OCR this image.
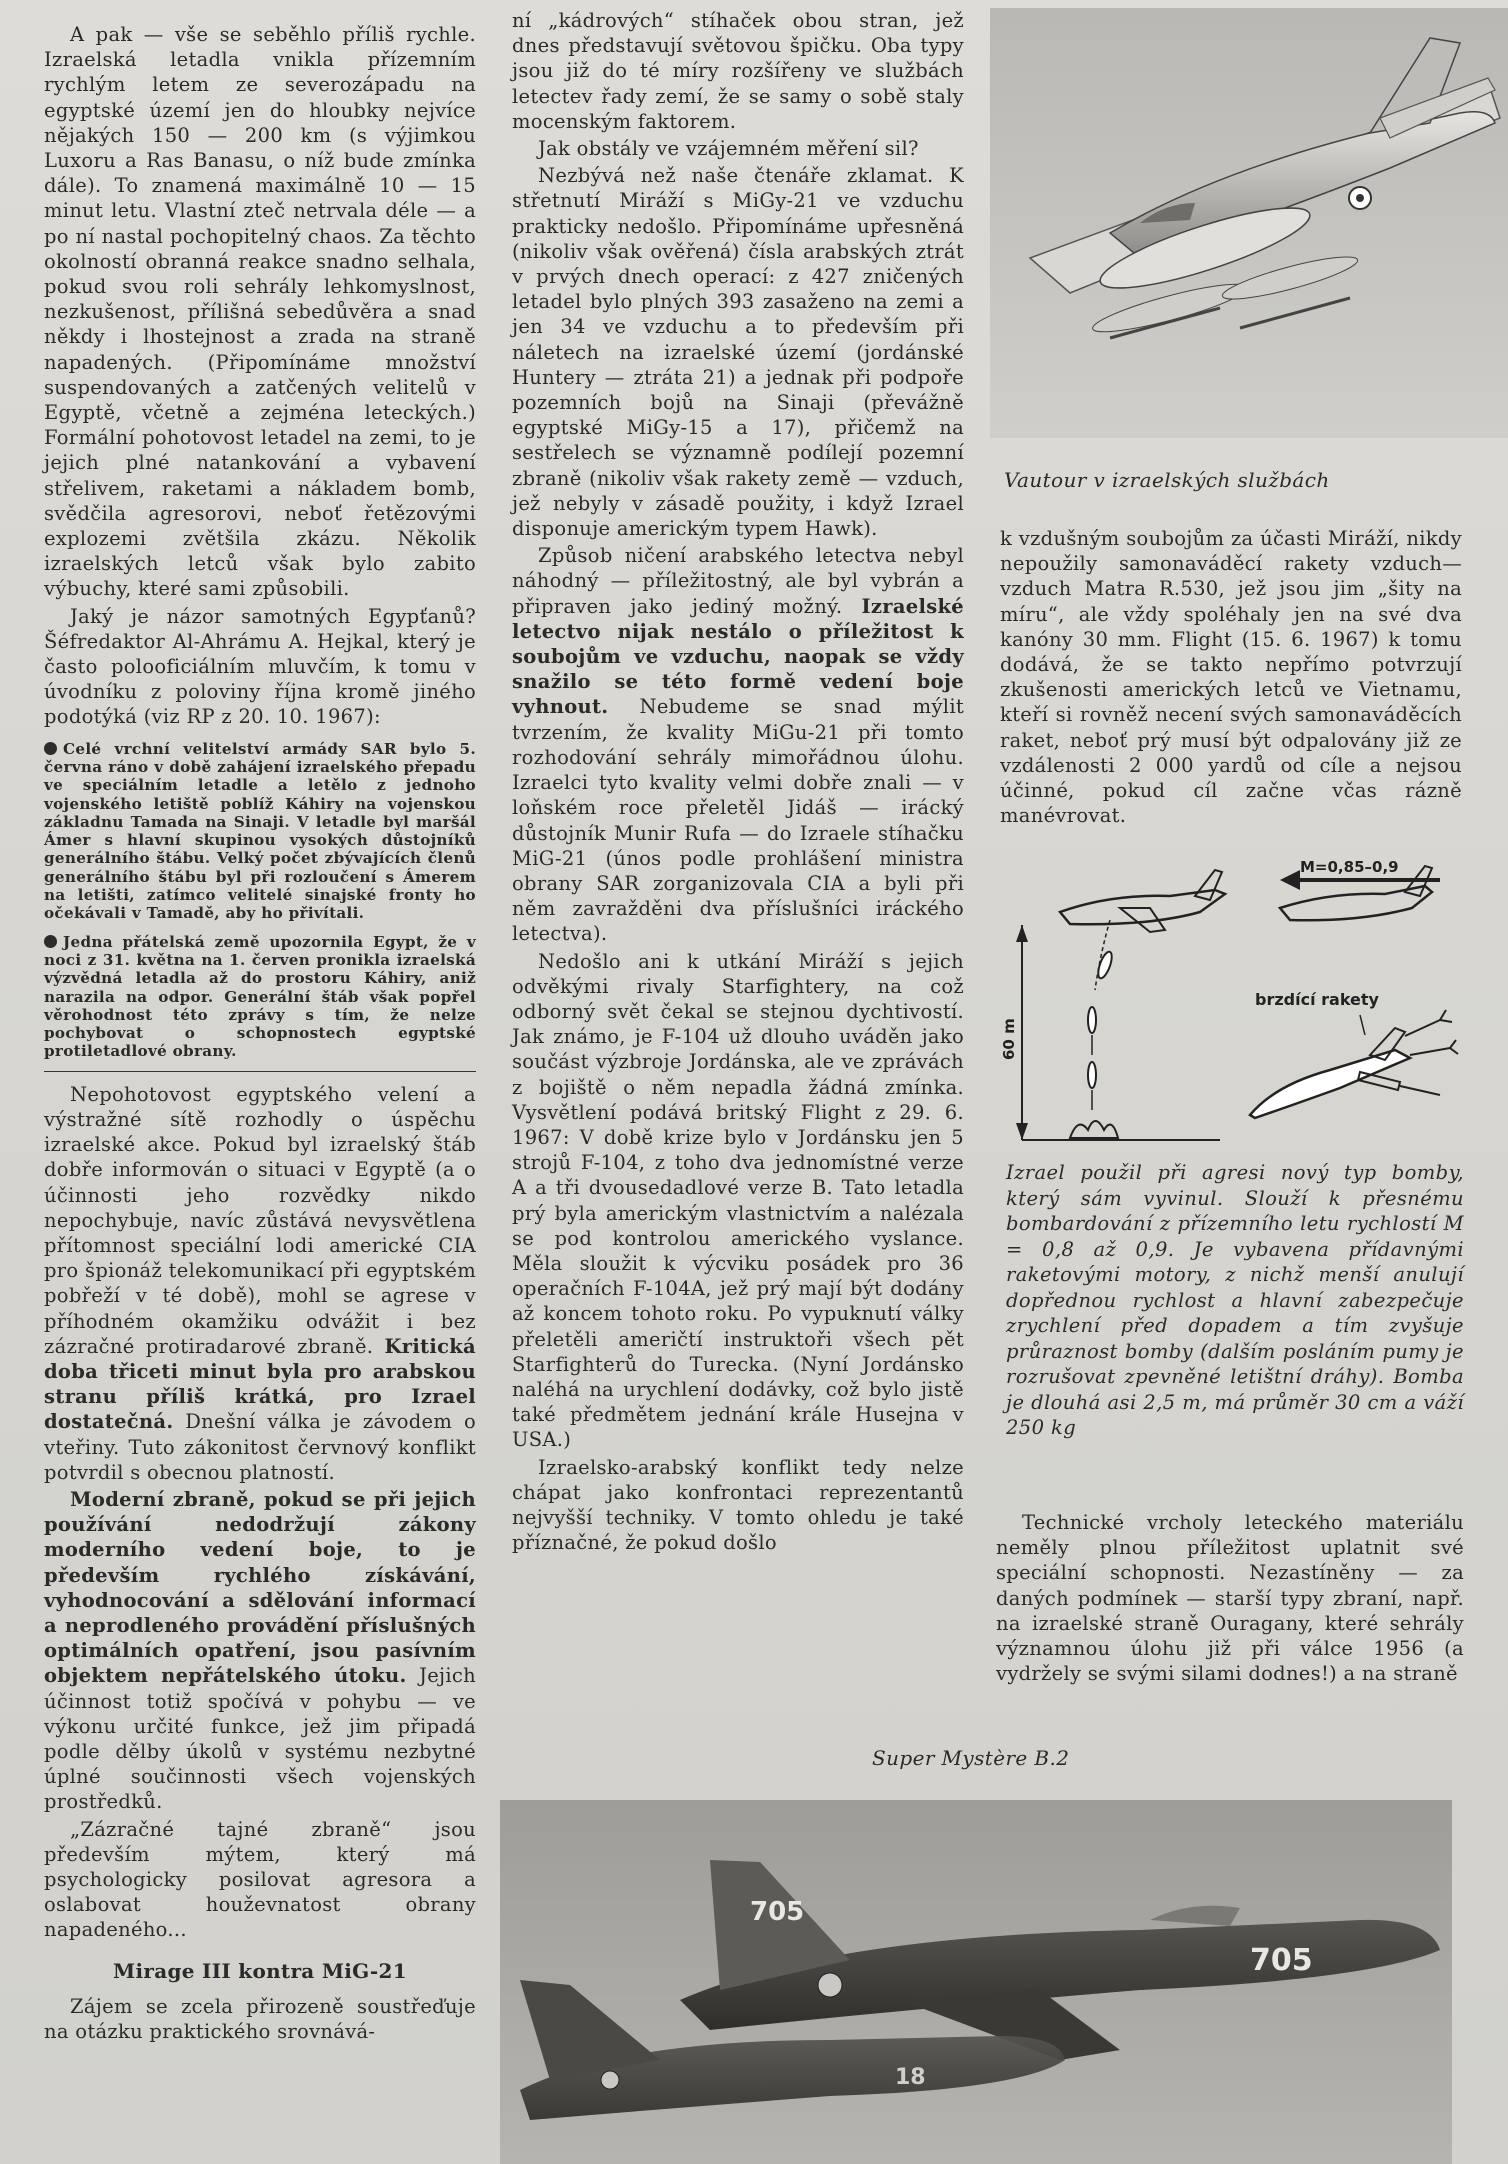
A pak — vše se seběhlo příliš rychle. Izraelská letadla vnikla přízemním rychlým letem ze severozápadu na egyptské území jen do hloubky nejvíce nějakých 150 — 200 km (s výjimkou Luxoru a Ras Banasu, o níž bude zmínka dále). To znamená maximálně 10 — 15 minut letu. Vlastní zteč netrvala déle — a po ní nastal pochopitelný chaos. Za těchto okolností obranná reakce snadno selhala, pokud svou roli sehrály lehkomyslnost, nezkušenost, přílišná sebedůvěra a snad někdy i lhostejnost a zrada na straně napadených. (Připomínáme množství suspendovaných a zatčených velitelů v Egyptě, včetně a zejména leteckých.) Formální pohotovost letadel na zemi, to je jejich plné natankování a vybavení střelivem, raketami a nákladem bomb, svědčila agresorovi, neboť řetězovými explozemi zvětšila zkázu. Několik izraelských letců však bylo zabito výbuchy, které sami způsobili.

Jaký je názor samotných Egypťanů? Šéfredaktor Al-Ahrámu A. Hejkal, který je často polooficiálním mluvčím, k tomu v úvodníku z poloviny října kromě jiného podotýká (viz RP z 20. 10. 1967):

Celé vrchní velitelství armády SAR bylo 5. června ráno v době zahájení izraelského přepadu ve speciálním letadle a letělo z jednoho vojenského letiště poblíž Káhiry na vojenskou základnu Tamada na Sinaji. V letadle byl maršál Ámer s hlavní skupinou vysokých důstojníků generálního štábu. Velký počet zbývajících členů generálního štábu byl při rozloučení s Ámerem na letišti, zatímco velitelé sinajské fronty ho očekávali v Tamadě, aby ho přivítali.
Jedna přátelská země upozornila Egypt, že v noci z 31. května na 1. červen pronikla izraelská výzvědná letadla až do prostoru Káhiry, aniž narazila na odpor. Generální štáb však popřel věrohodnost této zprávy s tím, že nelze pochybovat o schopnostech egyptské protiletadlové obrany.

Nepohotovost egyptského velení a výstražné sítě rozhodly o úspěchu izraelské akce. Pokud byl izraelský štáb dobře informován o situaci v Egyptě (a o účinnosti jeho rozvědky nikdo nepochybuje, navíc zůstává nevysvětlena přítomnost speciální lodi americké CIA pro špionáž telekomunikací při egyptském pobřeží v té době), mohl se agrese v příhodném okamžiku odvážit i bez zázračné protiradarové zbraně. Kritická doba třiceti minut byla pro arabskou stranu příliš krátká, pro Izrael dostatečná. Dnešní válka je závodem o vteřiny. Tuto zákonitost červnový konflikt potvrdil s obecnou platností.

Moderní zbraně, pokud se při jejich používání nedodržují zákony moderního vedení boje, to je především rychlého získávání, vyhodnocování a sdělování informací a neprodleného provádění příslušných optimálních opatření, jsou pasívním objektem nepřátelského útoku. Jejich účinnost totiž spočívá v pohybu — ve výkonu určité funkce, jež jim připadá podle dělby úkolů v systému nezbytné úplné součinnosti všech vojenských prostředků.

„Zázračné tajné zbraně“ jsou především mýtem, který má psychologicky posilovat agresora a oslabovat houževnatost obrany napadeného...

Mirage III kontra MiG-21

Zájem se zcela přirozeně soustřeďuje na otázku praktického srovnává-

ní „kádrových“ stíhaček obou stran, jež dnes představují světovou špičku. Oba typy jsou již do té míry rozšířeny ve službách letectev řady zemí, že se samy o sobě staly mocenským faktorem.

Jak obstály ve vzájemném měření sil?

Nezbývá než naše čtenáře zklamat. K střetnutí Miráží s MiGy-21 ve vzduchu prakticky nedošlo. Připomínáme upřesněná (nikoliv však ověřená) čísla arabských ztrát v prvých dnech operací: z 427 zničených letadel bylo plných 393 zasaženo na zemi a jen 34 ve vzduchu a to především při náletech na izraelské území (jordánské Huntery — ztráta 21) a jednak při podpoře pozemních bojů na Sinaji (převážně egyptské MiGy-15 a 17), přičemž na sestřelech se významně podílejí pozemní zbraně (nikoliv však rakety země — vzduch, jež nebyly v zásadě použity, i když Izrael disponuje americkým typem Hawk).

Způsob ničení arabského letectva nebyl náhodný — příležitostný, ale byl vybrán a připraven jako jediný možný. Izraelské letectvo nijak nestálo o příležitost k soubojům ve vzduchu, naopak se vždy snažilo se této formě vedení boje vyhnout. Nebudeme se snad mýlit tvrzením, že kvality MiGu-21 při tomto rozhodování sehrály mimořádnou úlohu. Izraelci tyto kvality velmi dobře znali — v loňském roce přeletěl Jidáš — irácký důstojník Munir Rufa — do Izraele stíhačku MiG-21 (únos podle prohlášení ministra obrany SAR zorganizovala CIA a byli při něm zavražděni dva příslušníci iráckého letectva).

Nedošlo ani k utkání Miráží s jejich odvěkými rivaly Starfightery, na což odborný svět čekal se stejnou dychtivostí. Jak známo, je F-104 už dlouho uváděn jako součást výzbroje Jordánska, ale ve zprávách z bojiště o něm nepadla žádná zmínka. Vysvětlení podává britský Flight z 29. 6. 1967: V době krize bylo v Jordánsku jen 5 strojů F-104, z toho dva jednomístné verze A a tři dvousedadlové verze B. Tato letadla prý byla americkým vlastnictvím a nalézala se pod kontrolou amerického vyslance. Měla sloužit k výcviku posádek pro 36 operačních F-104A, jež prý mají být dodány až koncem tohoto roku. Po vypuknutí války přeletěli američtí instruktoři všech pět Starfighterů do Turecka. (Nyní Jordánsko naléhá na urychlení dodávky, což bylo jistě také předmětem jednání krále Husejna v USA.)

Izraelsko-arabský konflikt tedy nelze chápat jako konfrontaci reprezentantů nejvyšší techniky. V tomto ohledu je také příznačné, že pokud došlo

Vautour v izraelských službách

k vzdušným soubojům za účasti Miráží, nikdy nepoužily samonaváděcí rakety vzduch—vzduch Matra R.530, jež jsou jim „šity na míru“, ale vždy spoléhaly jen na své dva kanóny 30 mm. Flight (15. 6. 1967) k tomu dodává, že se takto nepřímo potvrzují zkušenosti amerických letců ve Vietnamu, kteří si rovněž necení svých samonaváděcích raket, neboť prý musí být odpalovány již ze vzdálenosti 2 000 yardů od cíle a nejsou účinné, pokud cíl začne včas rázně manévrovat.

M=0,85–0,9
60 m
brzdící rakety
Izrael použil při agresi nový typ bomby, který sám vyvinul. Slouží k přesnému bombardování z přízemního letu rychlostí M = 0,8 až 0,9. Je vybavena přídavnými raketovými motory, z nichž menší anulují dopřednou rychlost a hlavní zabezpečuje zrychlení před dopadem a tím zvyšuje průraznost bomby (dalším posláním pumy je rozrušovat zpevněné letištní dráhy). Bomba je dlouhá asi 2,5 m, má průměr 30 cm a váží 250 kg

Technické vrcholy leteckého materiálu neměly plnou příležitost uplatnit své speciální schopnosti. Nezastíněny — za daných podmínek — starší typy zbraní, např. na izraelské straně Ouragany, které sehrály významnou úlohu již při válce 1956 (a vydržely se svými silami dodnes!) a na straně

Super Mystère B.2
705
705
18
